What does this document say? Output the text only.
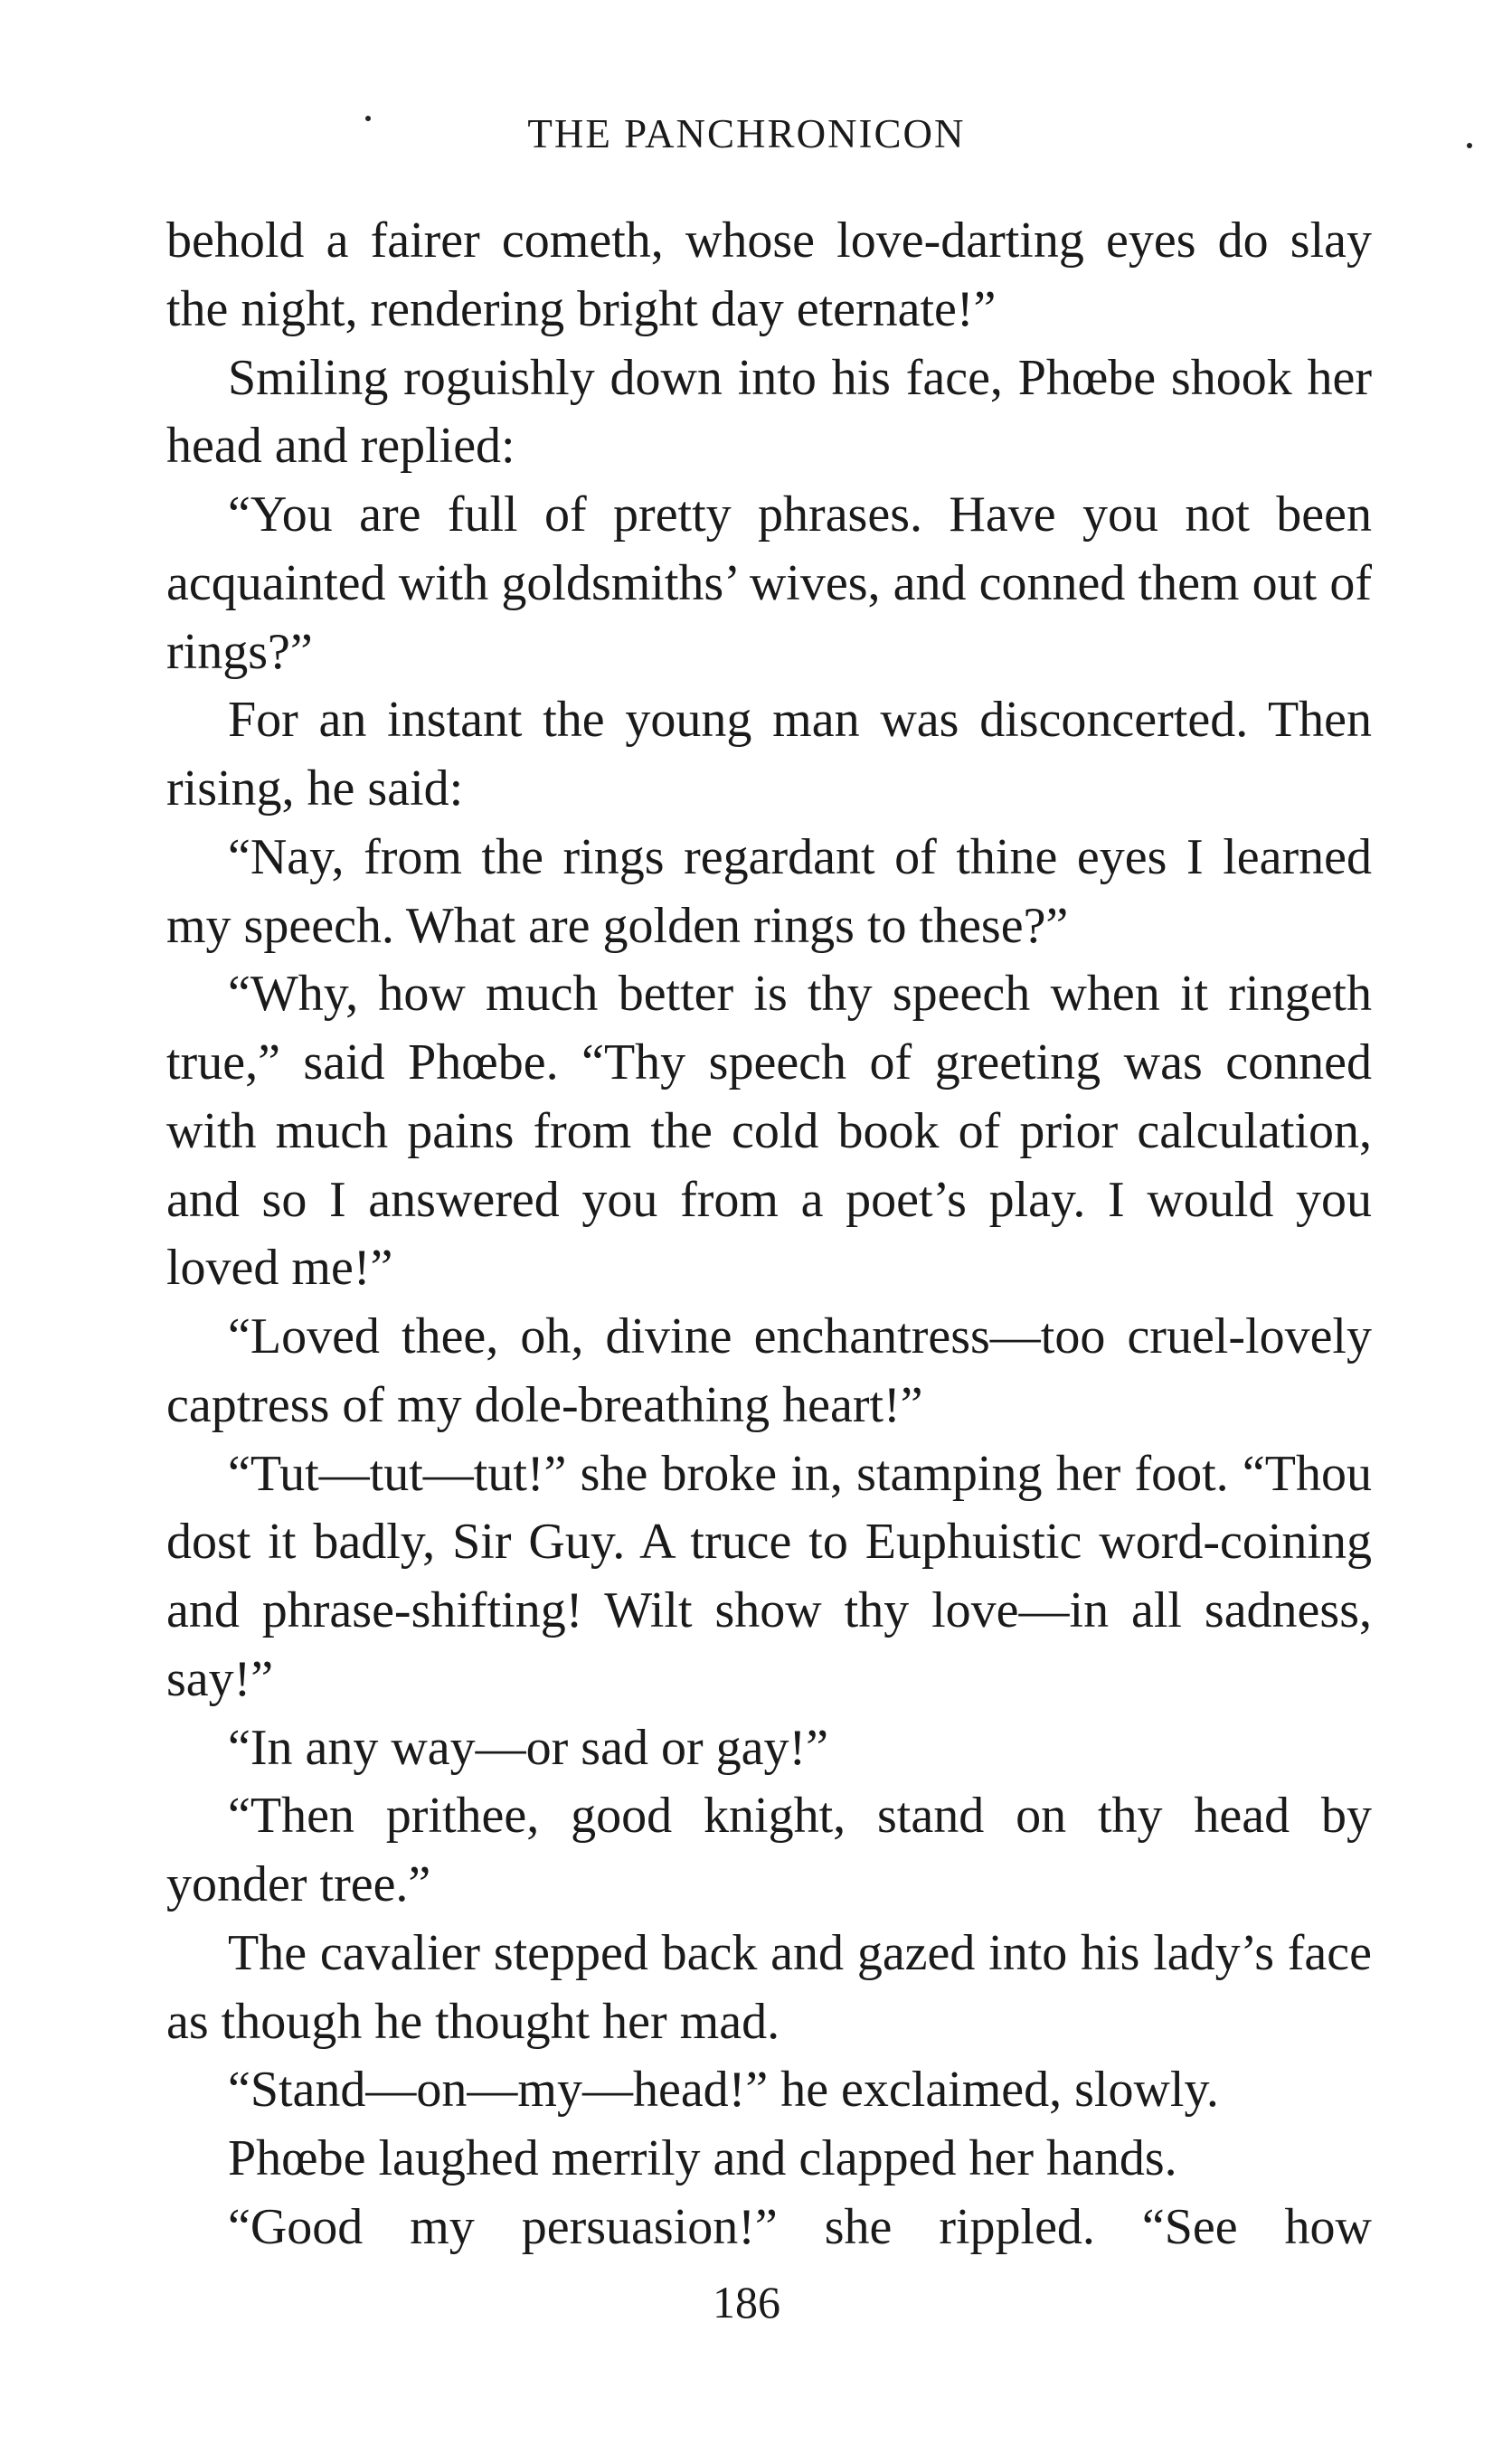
THE PANCHRONICON

behold a fairer cometh, whose love-darting eyes do slay the night, rendering bright day eternate!”

Smiling roguishly down into his face, Phœbe shook her head and replied:

“You are full of pretty phrases. Have you not been acquainted with goldsmiths’ wives, and conned them out of rings?”

For an instant the young man was disconcerted. Then rising, he said:

“Nay, from the rings regardant of thine eyes I learned my speech. What are golden rings to these?”

“Why, how much better is thy speech when it ringeth true,” said Phœbe. “Thy speech of greeting was conned with much pains from the cold book of prior calculation, and so I answered you from a poet’s play. I would you loved me!”

“Loved thee, oh, divine enchantress—too cruel-lovely captress of my dole-breathing heart!”

“Tut—tut—tut!” she broke in, stamping her foot. “Thou dost it badly, Sir Guy. A truce to Euphuistic word-coining and phrase-shifting! Wilt show thy love—in all sadness, say!”

“In any way—or sad or gay!”

“Then prithee, good knight, stand on thy head by yonder tree.”

The cavalier stepped back and gazed into his lady’s face as though he thought her mad.

“Stand—on—my—head!” he exclaimed, slowly.

Phœbe laughed merrily and clapped her hands.

“Good my persuasion!” she rippled. “See how

186
